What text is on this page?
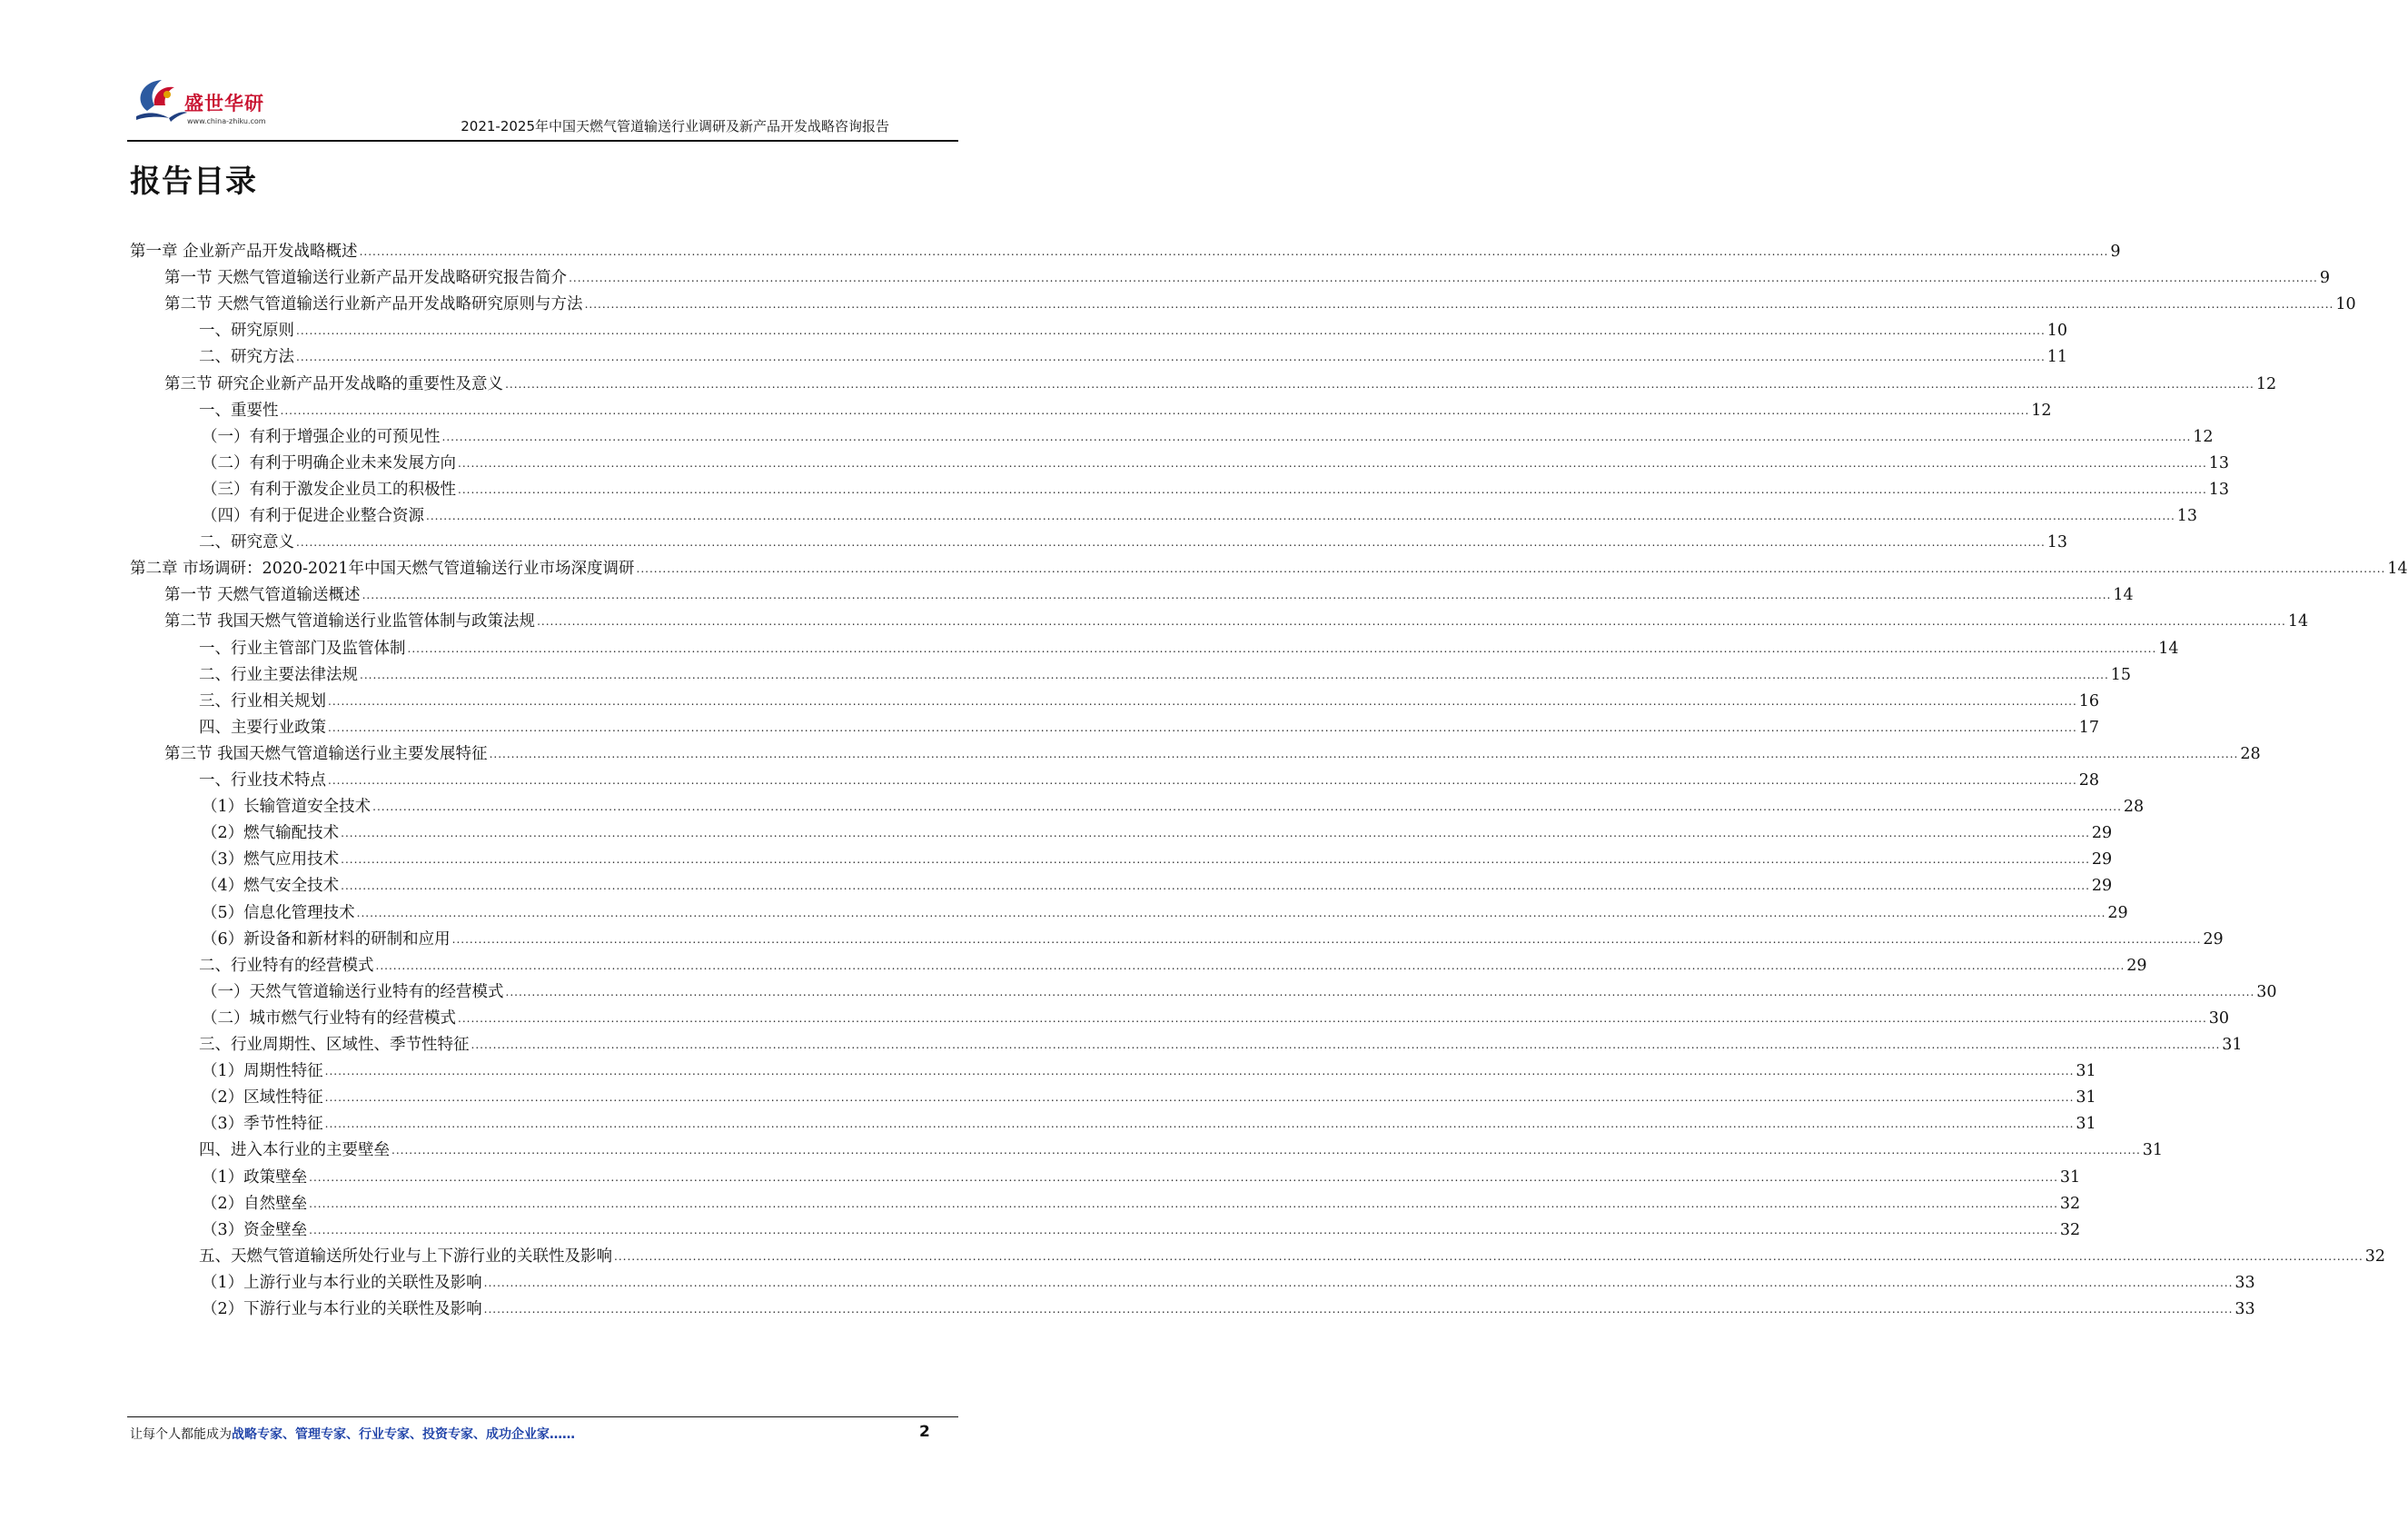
盛世华研
www.china-zhiku.com	2021-2025年中国天燃气管道输送行业调研及新产品开发战略咨询报告
报告目录
第一章 企业新产品开发战略概述 ................................................................................................................................................................................................................................................................................................................................................................................................................ 9
第一节 天燃气管道输送行业新产品开发战略研究报告简介 ................................................................................................................................................................................................................................................................................................................................................................................................................ 9
第二节 天燃气管道输送行业新产品开发战略研究原则与方法 ................................................................................................................................................................................................................................................................................................................................................................................................................ 10
一、研究原则 ................................................................................................................................................................................................................................................................................................................................................................................................................ 10
二、研究方法 ................................................................................................................................................................................................................................................................................................................................................................................................................ 11
第三节 研究企业新产品开发战略的重要性及意义 ................................................................................................................................................................................................................................................................................................................................................................................................................ 12
一、重要性 ................................................................................................................................................................................................................................................................................................................................................................................................................ 12
（一）有利于增强企业的可预见性 ................................................................................................................................................................................................................................................................................................................................................................................................................ 12
（二）有利于明确企业未来发展方向 ................................................................................................................................................................................................................................................................................................................................................................................................................ 13
（三）有利于激发企业员工的积极性 ................................................................................................................................................................................................................................................................................................................................................................................................................ 13
（四）有利于促进企业整合资源 ................................................................................................................................................................................................................................................................................................................................................................................................................ 13
二、研究意义 ................................................................................................................................................................................................................................................................................................................................................................................................................ 13
第二章 市场调研：2020-2021年中国天燃气管道输送行业市场深度调研 ................................................................................................................................................................................................................................................................................................................................................................................................................ 14
第一节 天燃气管道输送概述 ................................................................................................................................................................................................................................................................................................................................................................................................................ 14
第二节 我国天燃气管道输送行业监管体制与政策法规 ................................................................................................................................................................................................................................................................................................................................................................................................................ 14
一、行业主管部门及监管体制 ................................................................................................................................................................................................................................................................................................................................................................................................................ 14
二、行业主要法律法规 ................................................................................................................................................................................................................................................................................................................................................................................................................ 15
三、行业相关规划 ................................................................................................................................................................................................................................................................................................................................................................................................................ 16
四、主要行业政策 ................................................................................................................................................................................................................................................................................................................................................................................................................ 17
第三节 我国天燃气管道输送行业主要发展特征 ................................................................................................................................................................................................................................................................................................................................................................................................................ 28
一、行业技术特点 ................................................................................................................................................................................................................................................................................................................................................................................................................ 28
（1）长输管道安全技术 ................................................................................................................................................................................................................................................................................................................................................................................................................ 28
（2）燃气输配技术 ................................................................................................................................................................................................................................................................................................................................................................................................................ 29
（3）燃气应用技术 ................................................................................................................................................................................................................................................................................................................................................................................................................ 29
（4）燃气安全技术 ................................................................................................................................................................................................................................................................................................................................................................................................................ 29
（5）信息化管理技术 ................................................................................................................................................................................................................................................................................................................................................................................................................ 29
（6）新设备和新材料的研制和应用 ................................................................................................................................................................................................................................................................................................................................................................................................................ 29
二、行业特有的经营模式 ................................................................................................................................................................................................................................................................................................................................................................................................................ 29
（一）天然气管道输送行业特有的经营模式 ................................................................................................................................................................................................................................................................................................................................................................................................................ 30
（二）城市燃气行业特有的经营模式 ................................................................................................................................................................................................................................................................................................................................................................................................................ 30
三、行业周期性、区域性、季节性特征 ................................................................................................................................................................................................................................................................................................................................................................................................................ 31
（1）周期性特征 ................................................................................................................................................................................................................................................................................................................................................................................................................ 31
（2）区域性特征 ................................................................................................................................................................................................................................................................................................................................................................................................................ 31
（3）季节性特征 ................................................................................................................................................................................................................................................................................................................................................................................................................ 31
四、进入本行业的主要壁垒 ................................................................................................................................................................................................................................................................................................................................................................................................................ 31
（1）政策壁垒 ................................................................................................................................................................................................................................................................................................................................................................................................................ 31
（2）自然壁垒 ................................................................................................................................................................................................................................................................................................................................................................................................................ 32
（3）资金壁垒 ................................................................................................................................................................................................................................................................................................................................................................................................................ 32
五、天燃气管道输送所处行业与上下游行业的关联性及影响 ................................................................................................................................................................................................................................................................................................................................................................................................................ 32
（1）上游行业与本行业的关联性及影响 ................................................................................................................................................................................................................................................................................................................................................................................................................ 33
（2）下游行业与本行业的关联性及影响 ................................................................................................................................................................................................................................................................................................................................................................................................................ 33
让每个人都能成为战略专家、管理专家、行业专家、投资专家、成功企业家……	2
